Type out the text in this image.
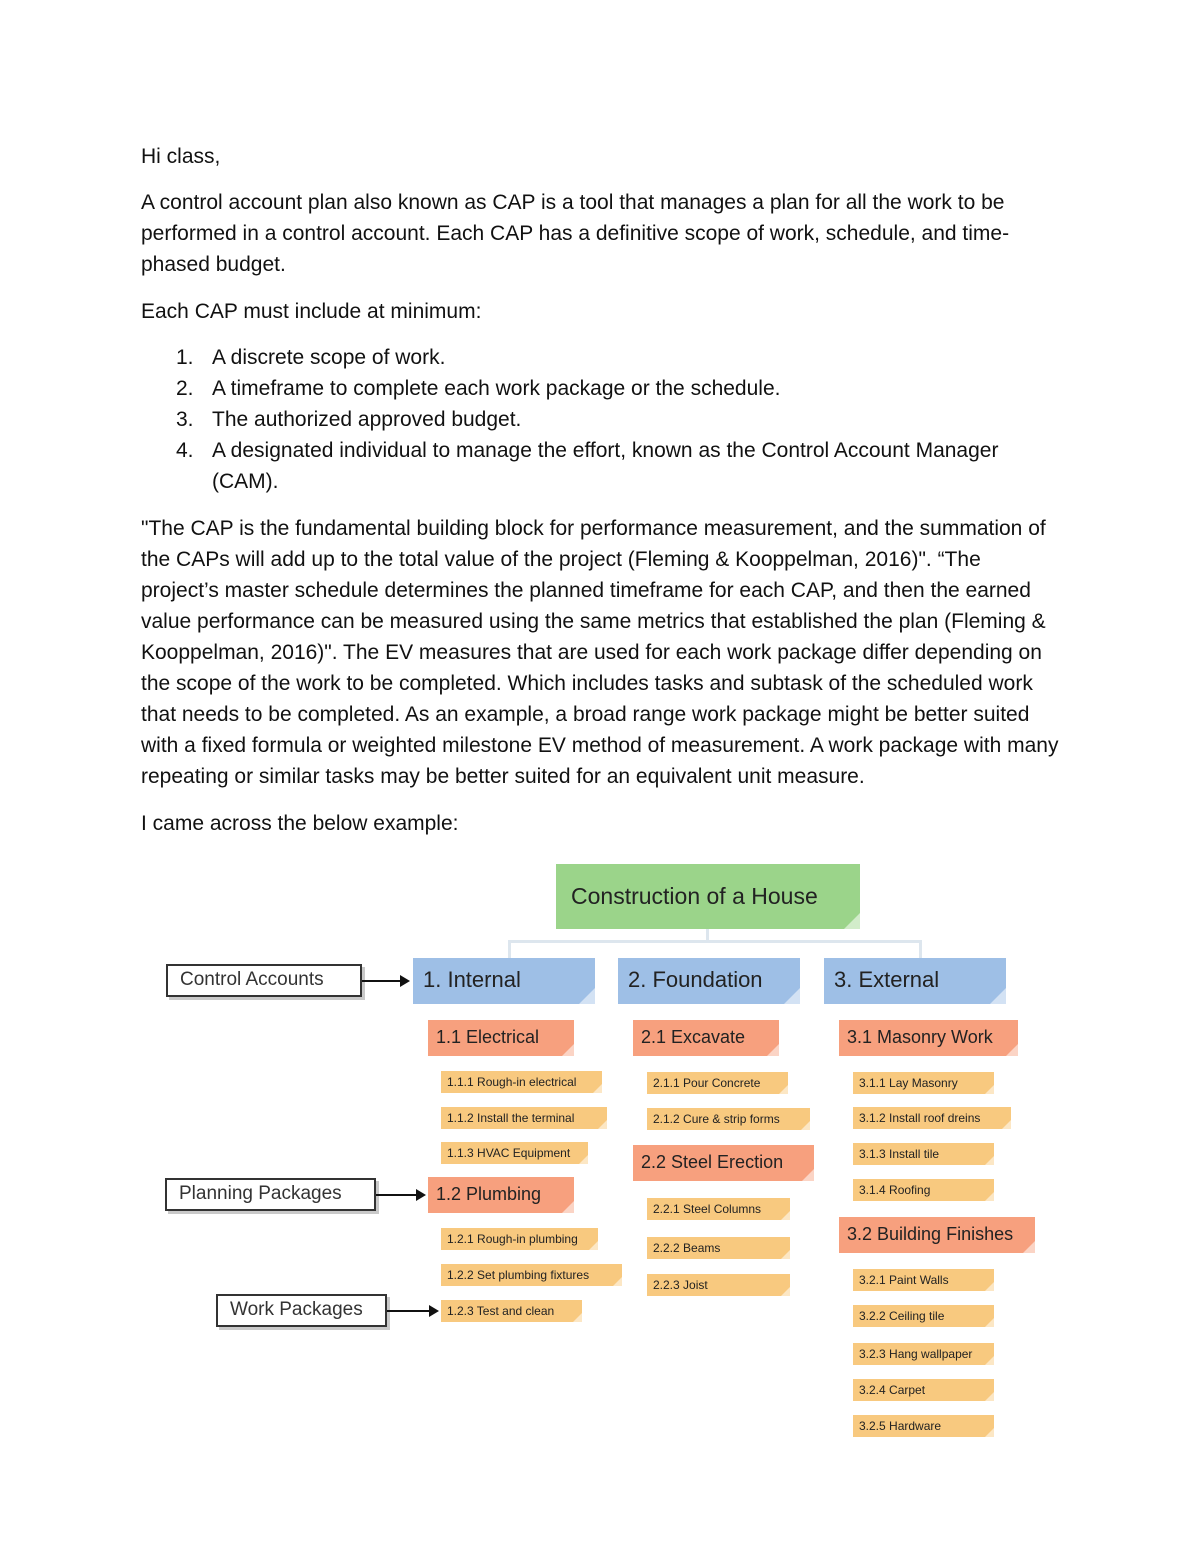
Hi class,

A control account plan also known as CAP is a tool that manages a plan for all the work to be performed in a control account. Each CAP has a definitive scope of work, schedule, and time-phased budget.

Each CAP must include at minimum:

1. A discrete scope of work.
2. A timeframe to complete each work package or the schedule.
3. The authorized approved budget.
4. A designated individual to manage the effort, known as the Control Account Manager (CAM).

"The CAP is the fundamental building block for performance measurement, and the summation of the CAPs will add up to the total value of the project (Fleming & Kooppelman, 2016)". “The project’s master schedule determines the planned timeframe for each CAP, and then the earned value performance can be measured using the same metrics that established the plan (Fleming & Kooppelman, 2016)". The EV measures that are used for each work package differ depending on the scope of the work to be completed. Which includes tasks and subtask of the scheduled work that needs to be completed. As an example, a broad range work package might be better suited with a fixed formula or weighted milestone EV method of measurement. A work package with many repeating or similar tasks may be better suited for an equivalent unit measure.

I came across the below example:

Construction of a House
Control Accounts
Planning Packages
Work Packages
1. Internal
1.1 Electrical
1.1.1 Rough-in electrical
1.1.2 Install the terminal
1.1.3 HVAC Equipment
1.2 Plumbing
1.2.1 Rough-in plumbing
1.2.2 Set plumbing fixtures
1.2.3 Test and clean
2. Foundation
2.1 Excavate
2.1.1 Pour Concrete
2.1.2 Cure & strip forms
2.2 Steel Erection
2.2.1 Steel Columns
2.2.2 Beams
2.2.3 Joist
3. External
3.1 Masonry Work
3.1.1 Lay Masonry
3.1.2 Install roof dreins
3.1.3 Install tile
3.1.4 Roofing
3.2 Building Finishes
3.2.1 Paint Walls
3.2.2 Ceiling tile
3.2.3 Hang wallpaper
3.2.4 Carpet
3.2.5 Hardware
